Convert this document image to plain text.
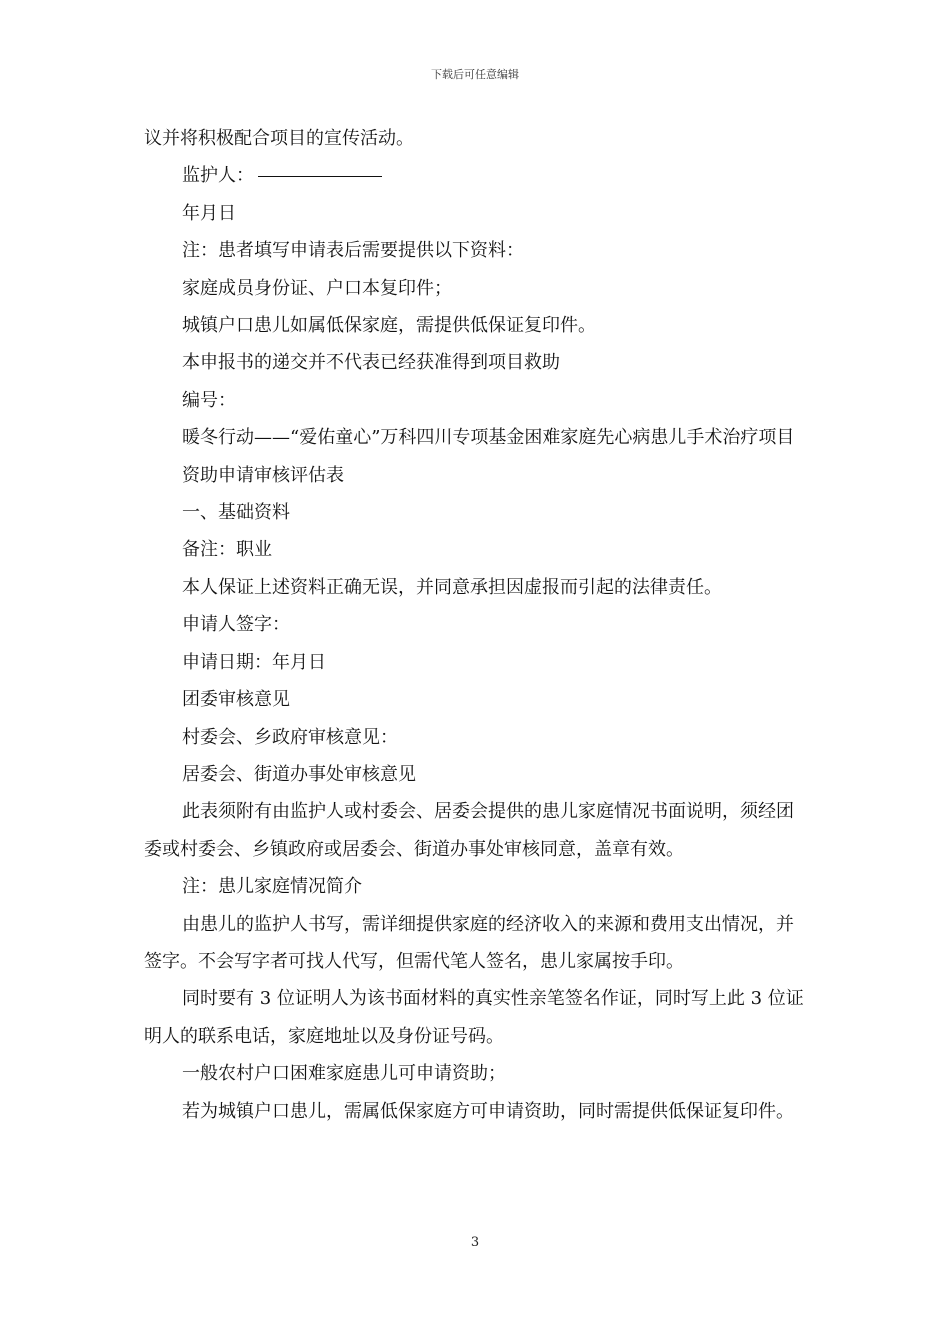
下载后可任意编辑

议并将积极配合项目的宣传活动。

监护人：

年月日

注：患者填写申请表后需要提供以下资料：

家庭成员身份证、户口本复印件；

城镇户口患儿如属低保家庭，需提供低保证复印件。

本申报书的递交并不代表已经获准得到项目救助

编号：

暖冬行动——“爱佑童心”万科四川专项基金困难家庭先心病患儿手术治疗项目

资助申请审核评估表

一、基础资料

备注：职业

本人保证上述资料正确无误，并同意承担因虚报而引起的法律责任。

申请人签字：

申请日期：年月日

团委审核意见

村委会、乡政府审核意见：

居委会、街道办事处审核意见

此表须附有由监护人或村委会、居委会提供的患儿家庭情况书面说明，须经团委或村委会、乡镇政府或居委会、街道办事处审核同意，盖章有效。

注：患儿家庭情况简介

由患儿的监护人书写，需详细提供家庭的经济收入的来源和费用支出情况，并签字。不会写字者可找人代写，但需代笔人签名，患儿家属按手印。

同时要有 3 位证明人为该书面材料的真实性亲笔签名作证，同时写上此 3 位证明人的联系电话，家庭地址以及身份证号码。

一般农村户口困难家庭患儿可申请资助；

若为城镇户口患儿，需属低保家庭方可申请资助，同时需提供低保证复印件。

3
